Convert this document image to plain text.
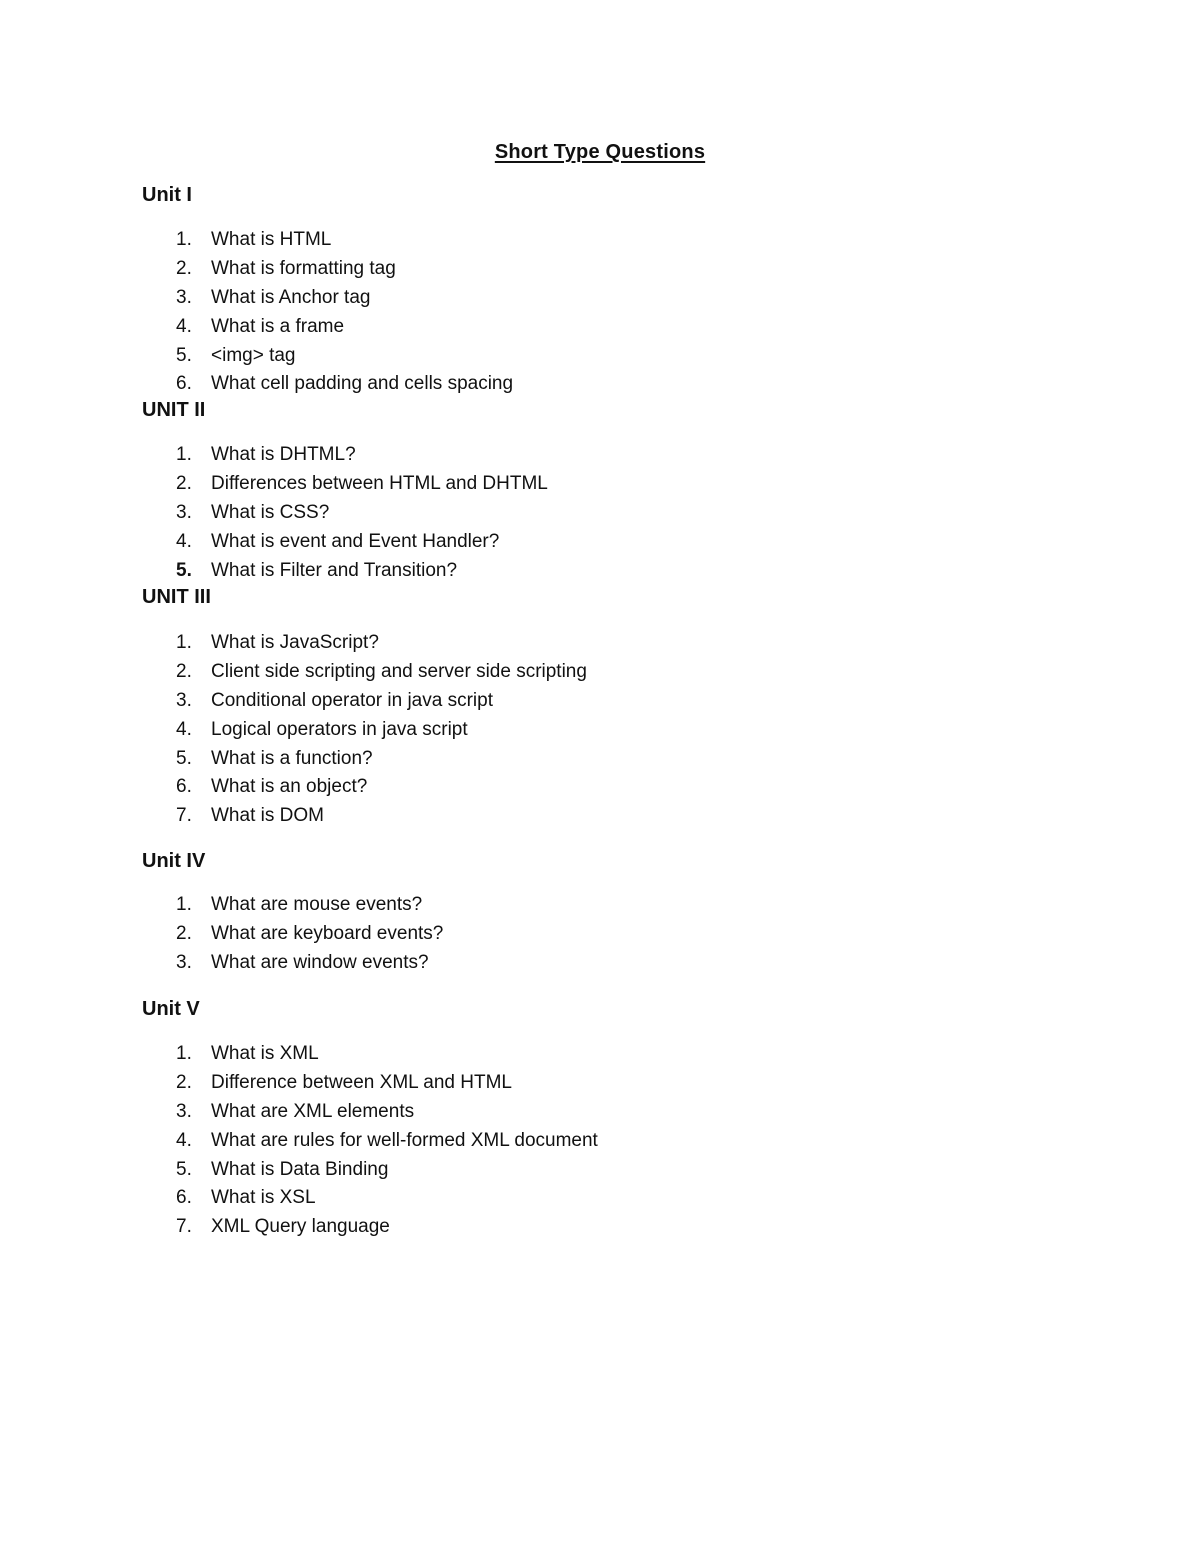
Short Type Questions
Unit I
1.	What is HTML
2.	What is formatting tag
3.	What is Anchor tag
4.	What is a frame
5.	<img> tag
6.	What cell padding and cells spacing
UNIT II
1.	What is DHTML?
2.	Differences between HTML and DHTML
3.	What is CSS?
4.	What is event and Event Handler?
5.	What is Filter and Transition?
UNIT III
1.	What is JavaScript?
2.	Client side scripting and server side scripting
3.	Conditional operator in java script
4.	Logical operators in java script
5.	What is a function?
6.	What is an object?
7.	What is DOM
Unit IV
1.	What are mouse events?
2.	What are keyboard events?
3.	What are window events?
Unit V
1.	What is XML
2.	Difference between XML and HTML
3.	What are XML elements
4.	What are rules for well-formed XML document
5.	What is Data Binding
6.	What is XSL
7.	XML Query language
